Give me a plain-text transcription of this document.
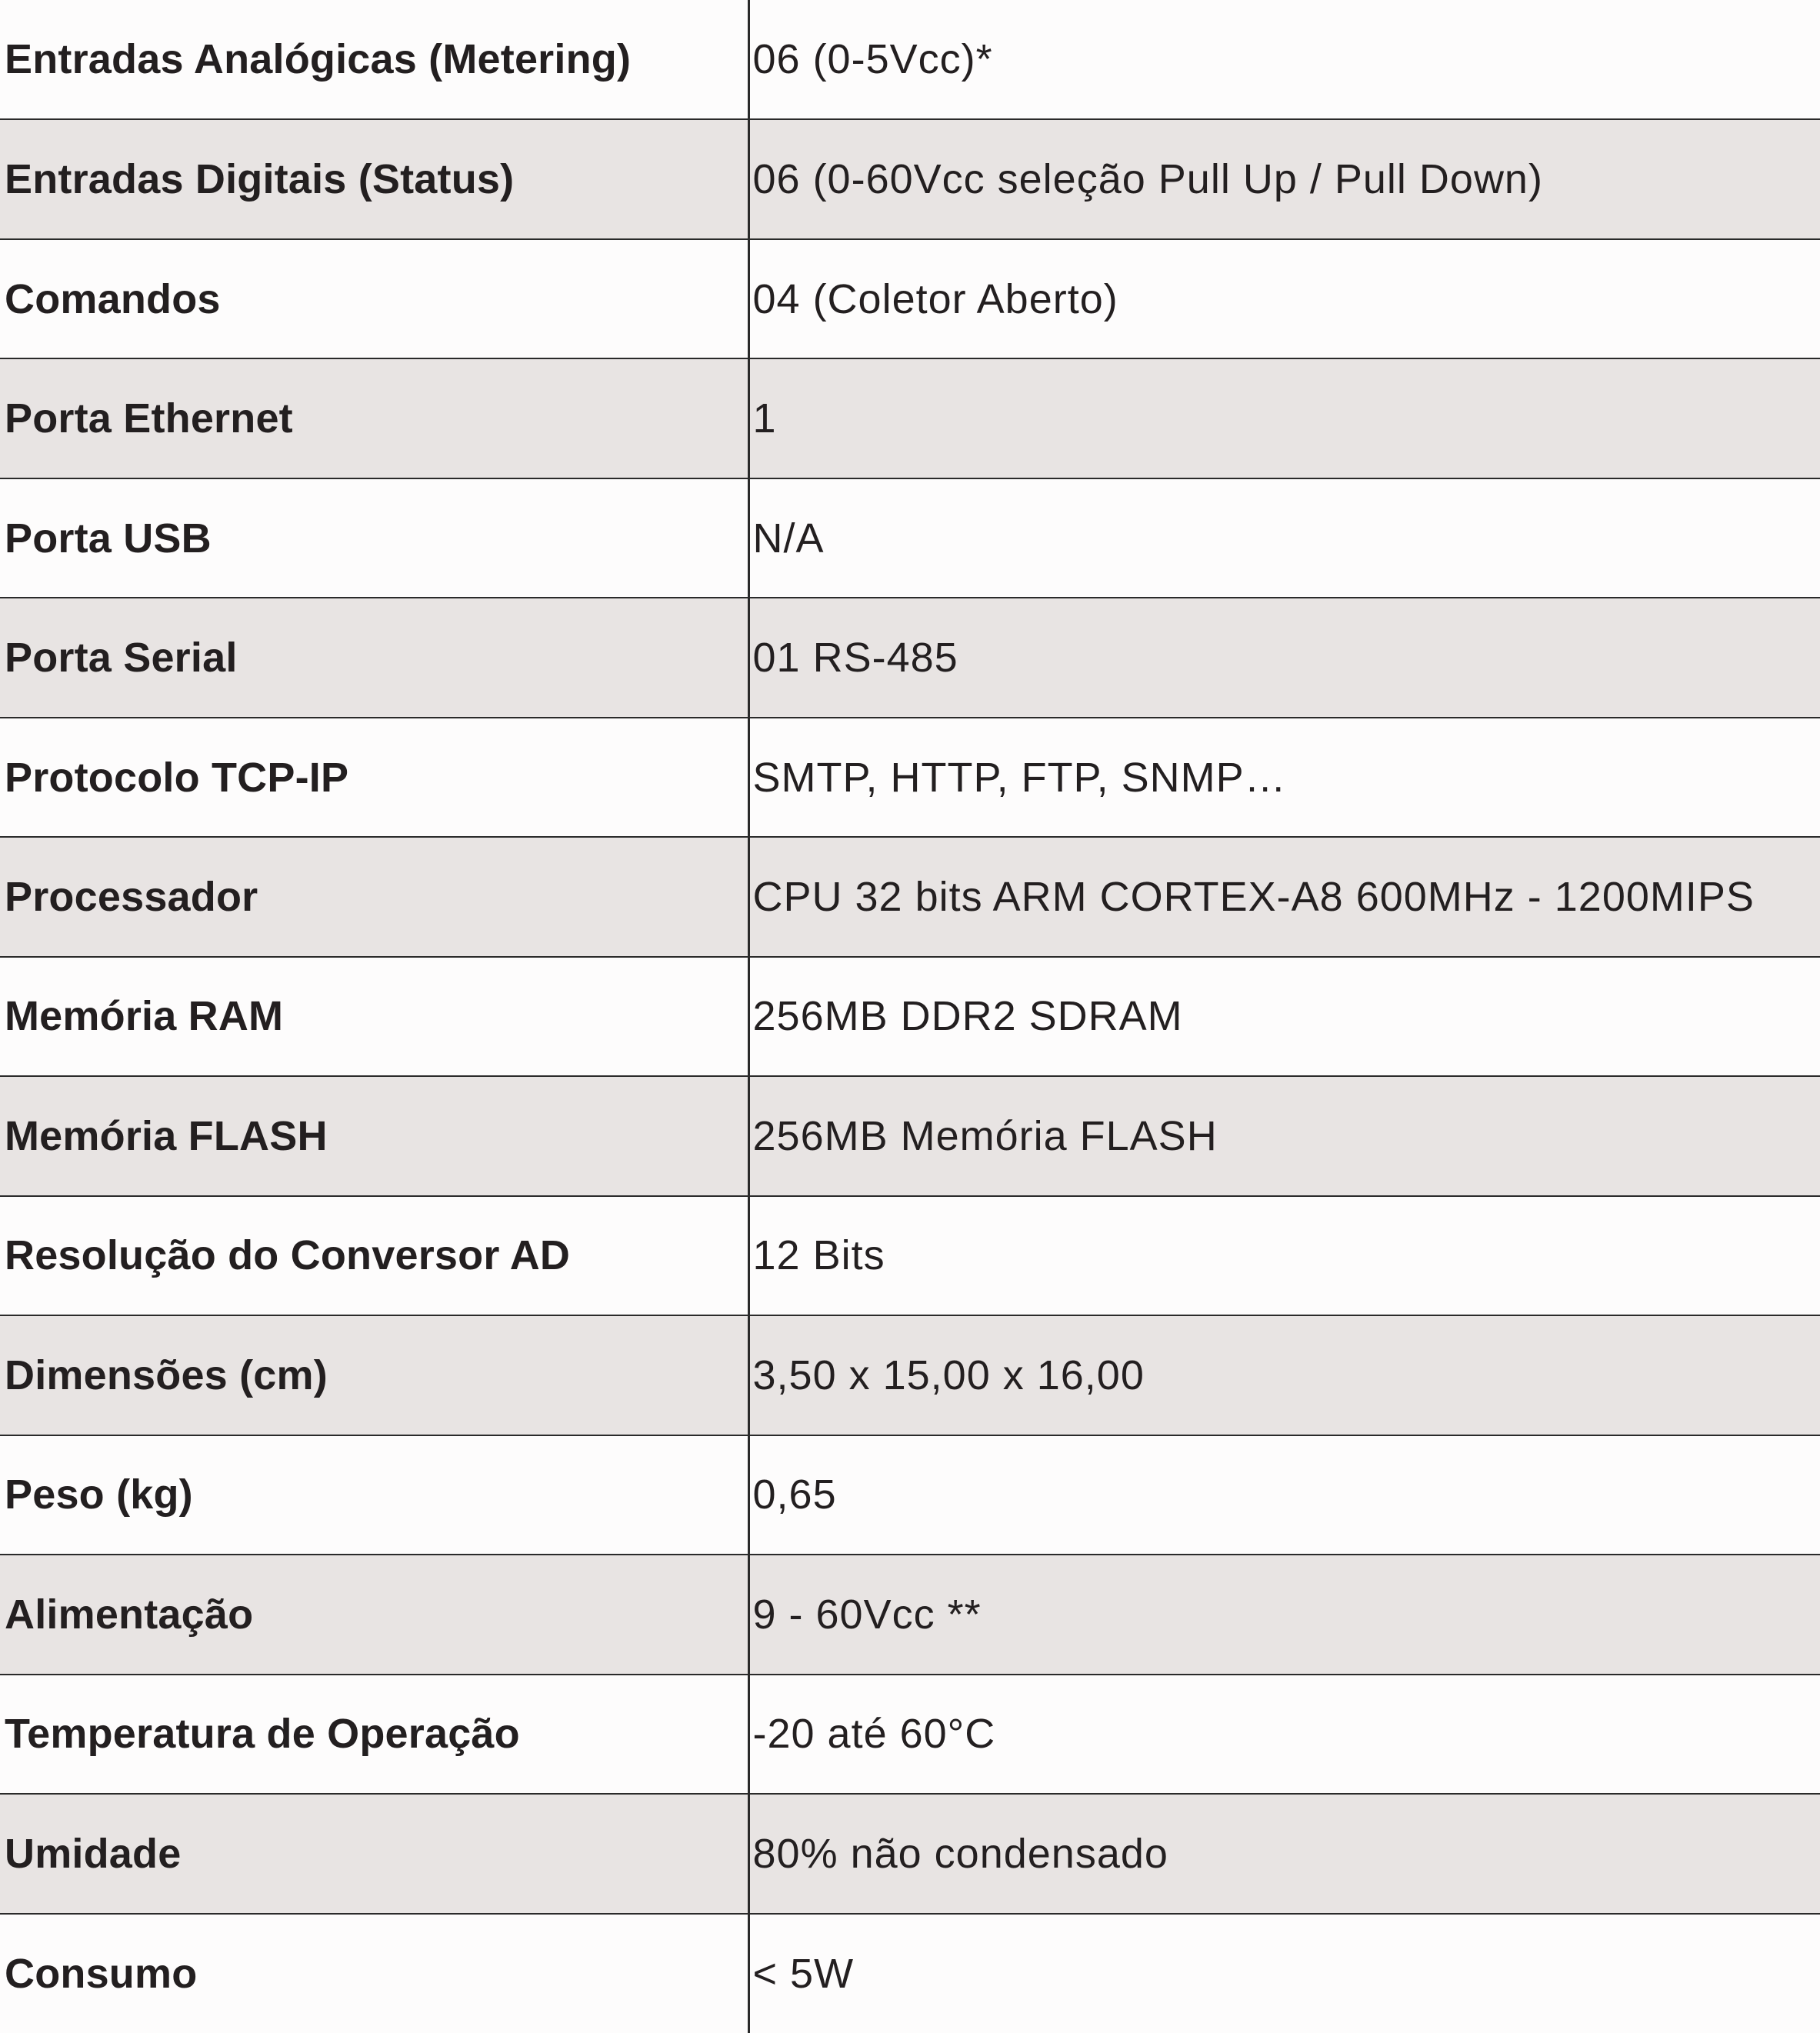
Entradas Analógicas (Metering)	06 (0-5Vcc)*
Entradas Digitais (Status)	06 (0-60Vcc seleção Pull Up / Pull Down)
Comandos	04 (Coletor Aberto)
Porta Ethernet	1
Porta USB	N/A
Porta Serial	01 RS-485
Protocolo TCP-IP	SMTP, HTTP, FTP, SNMP…
Processador	CPU 32 bits ARM CORTEX-A8 600MHz - 1200MIPS
Memória RAM	256MB DDR2 SDRAM
Memória FLASH	256MB Memória FLASH
Resolução do Conversor AD	12 Bits
Dimensões (cm)	3,50 x 15,00 x 16,00
Peso (kg)	0,65
Alimentação	9 - 60Vcc **
Temperatura de Operação	-20 até 60°C
Umidade	80% não condensado
Consumo	< 5W
